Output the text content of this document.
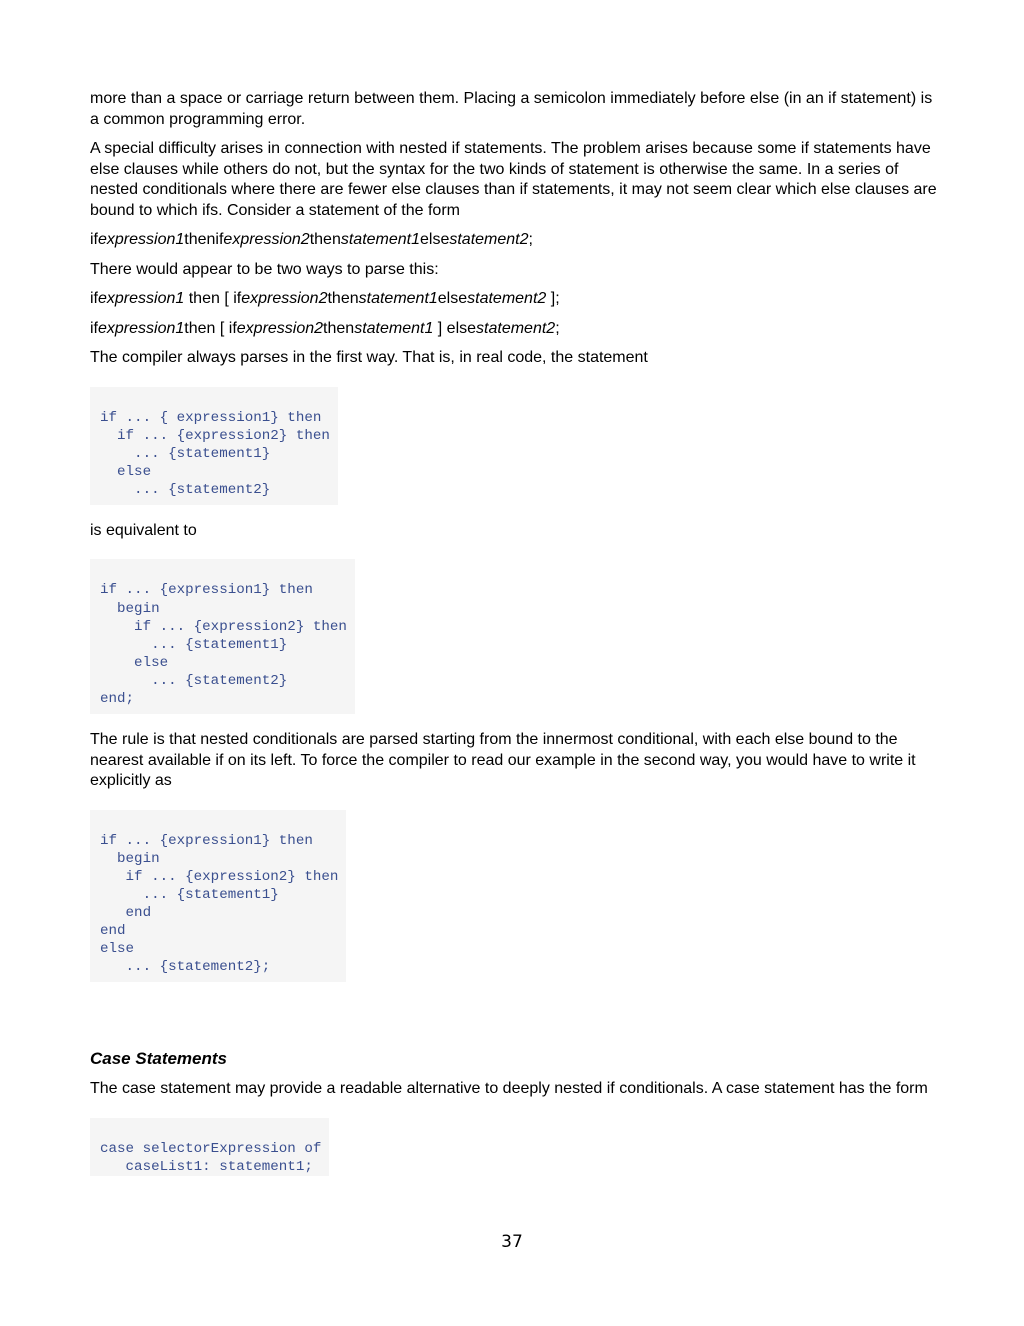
more than a space or carriage return between them. Placing a semicolon immediately before else (in an if statement) is a common programming error.

A special difficulty arises in connection with nested if statements. The problem arises because some if statements have else clauses while others do not, but the syntax for the two kinds of statement is otherwise the same. In a series of nested conditionals where there are fewer else clauses than if statements, it may not seem clear which else clauses are bound to which ifs. Consider a statement of the form

ifexpression1thenifexpression2thenstatement1elsestatement2;

There would appear to be two ways to parse this:

ifexpression1 then [ ifexpression2thenstatement1elsestatement2 ];

ifexpression1then [ ifexpression2thenstatement1 ] elsestatement2;

The compiler always parses in the first way. That is, in real code, the statement

if ... { expression1} then
if ... {expression2} then
... {statement1}
else
... {statement2}

is equivalent to

if ... {expression1} then
begin
if ... {expression2} then
... {statement1}
else
... {statement2}
end;

The rule is that nested conditionals are parsed starting from the innermost conditional, with each else bound to the nearest available if on its left. To force the compiler to read our example in the second way, you would have to write it explicitly as

if ... {expression1} then
begin
if ... {expression2} then
... {statement1}
end
end
else
... {statement2};
Case Statements

The case statement may provide a readable alternative to deeply nested if conditionals. A case statement has the form

case selectorExpression of
caseList1: statement1;
37
